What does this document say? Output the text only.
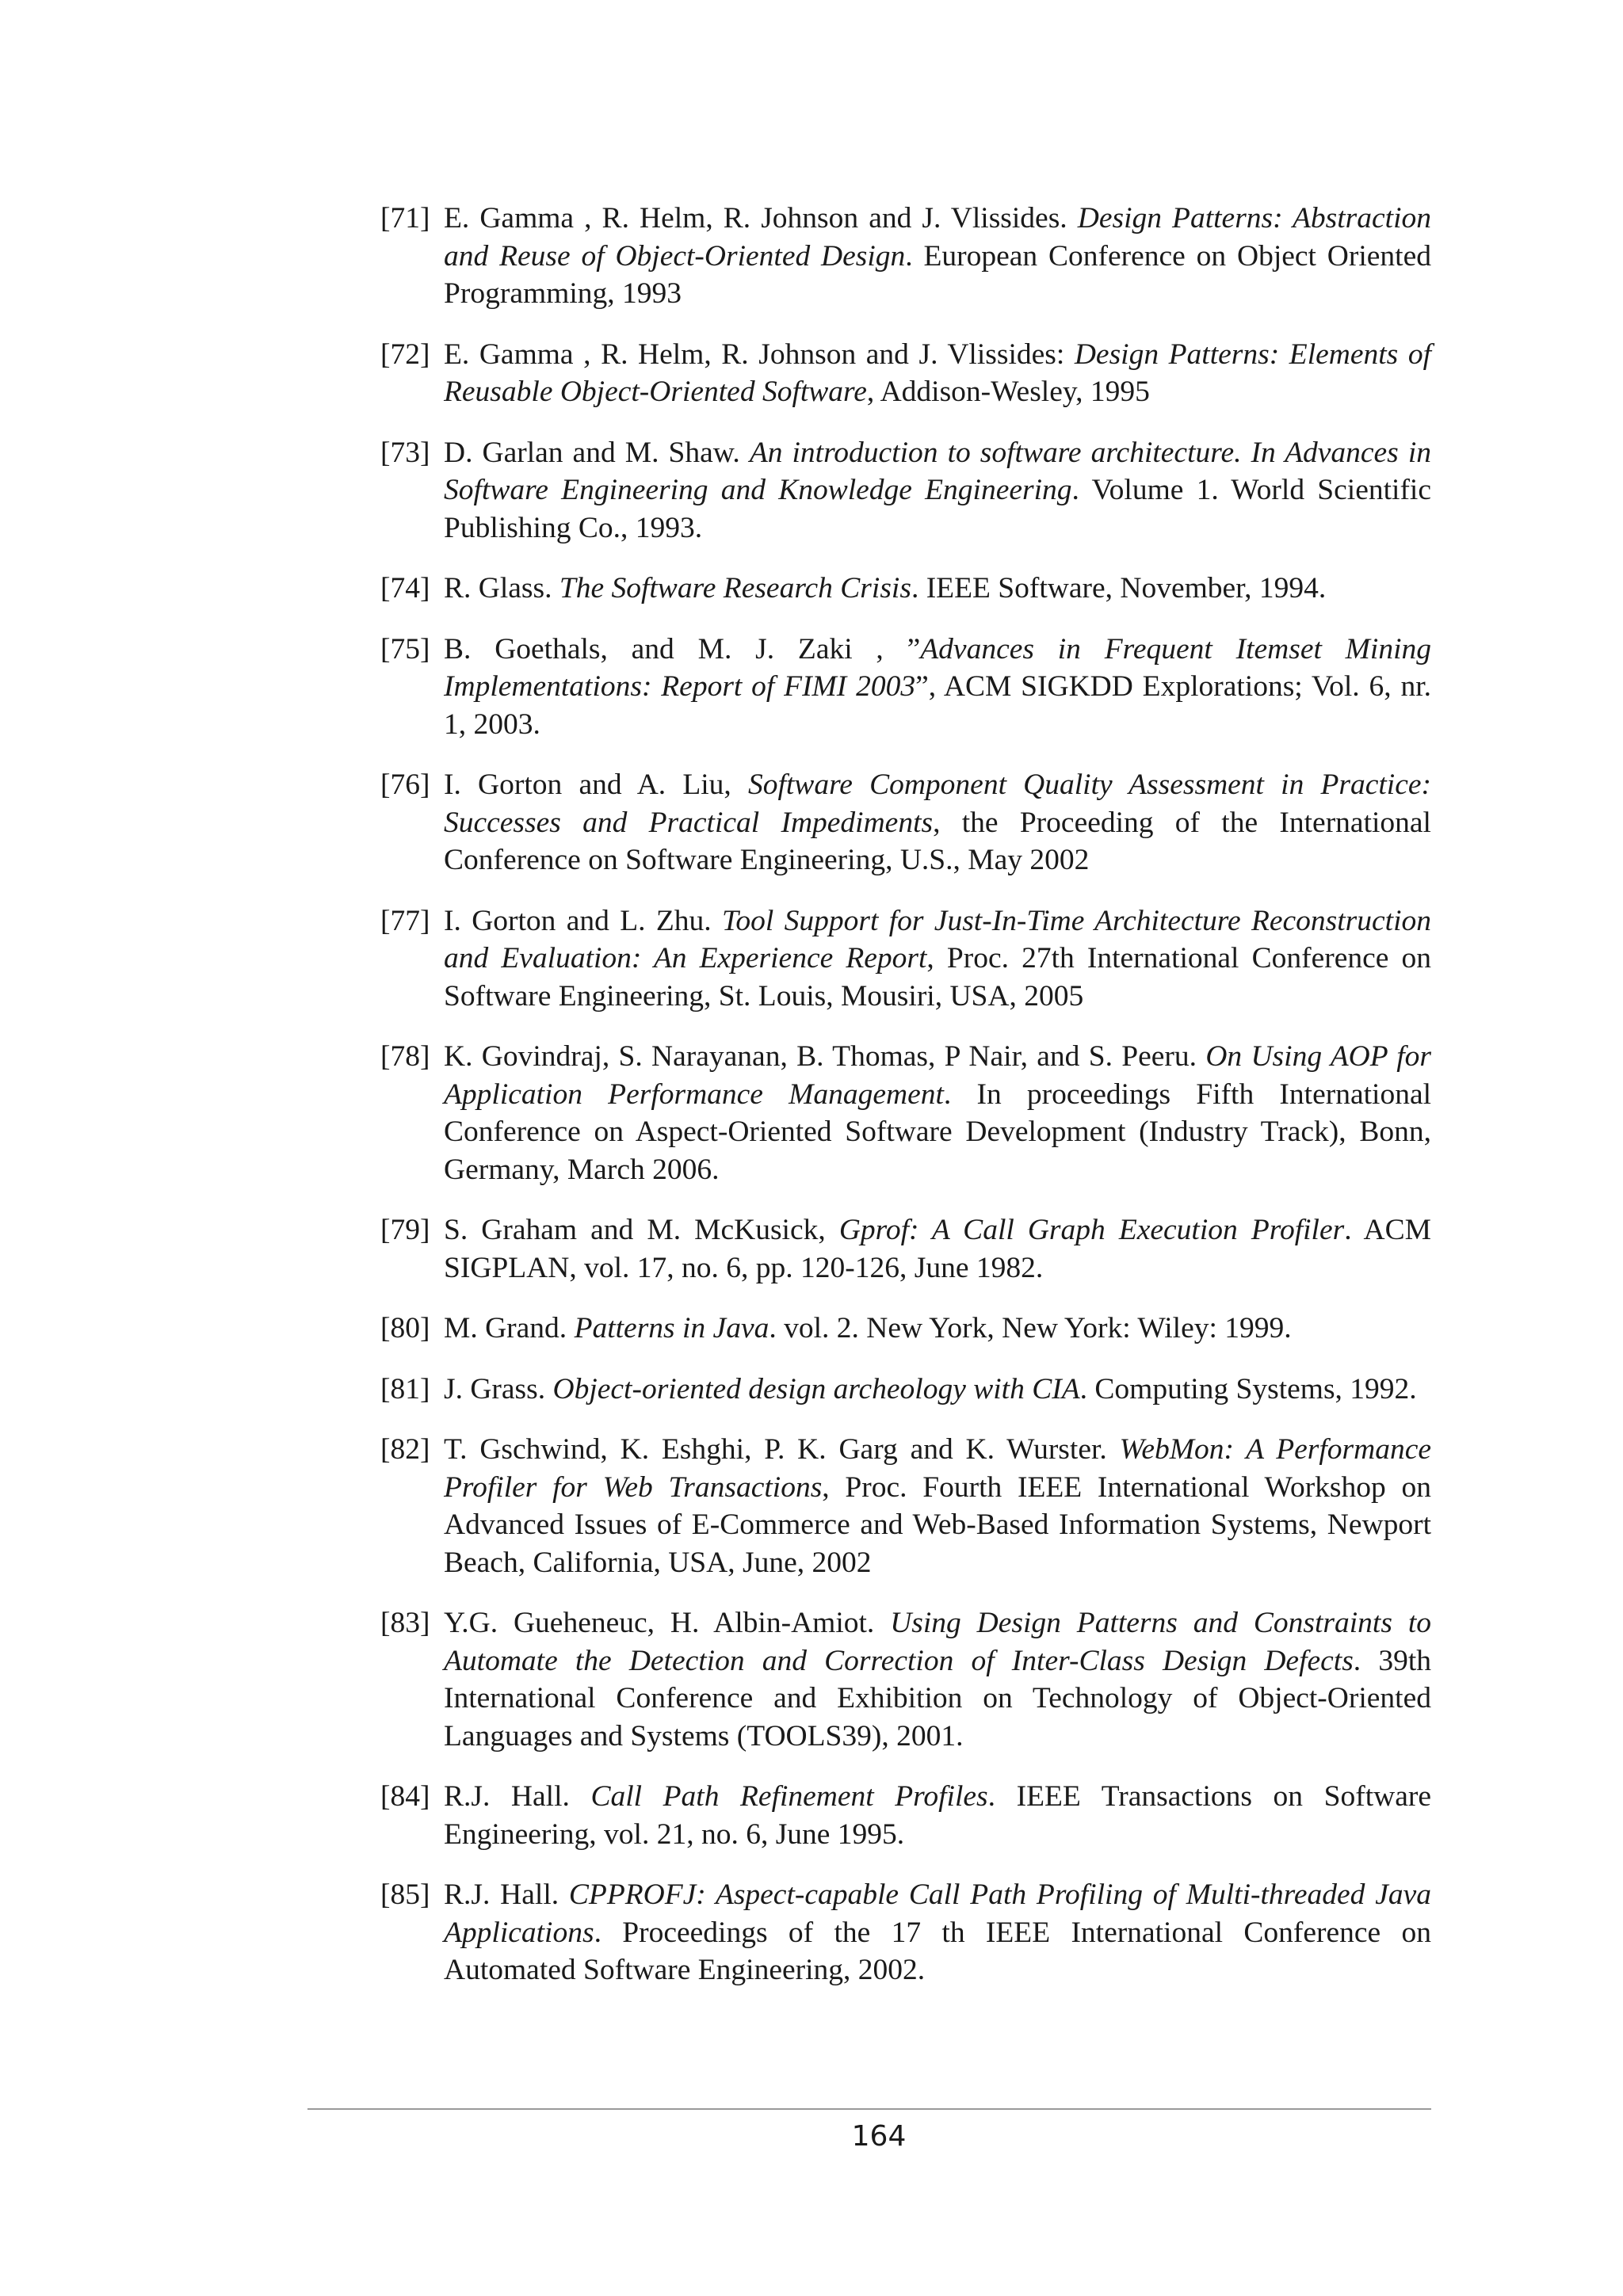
[71] E. Gamma , R. Helm, R. Johnson and J. Vlissides. Design Patterns: Abstraction and Reuse of Object-Oriented Design. European Conference on Object Oriented Programming, 1993
[72] E. Gamma , R. Helm, R. Johnson and J. Vlissides: Design Patterns: Elements of Reusable Object-Oriented Software, Addison-Wesley, 1995
[73] D. Garlan and M. Shaw. An introduction to software architecture. In Advances in Software Engineering and Knowledge Engineering. Volume 1. World Scientific Publishing Co., 1993.
[74] R. Glass. The Software Research Crisis. IEEE Software, November, 1994.
[75] B. Goethals, and M. J. Zaki , ”Advances in Frequent Itemset Mining Implementations: Report of FIMI 2003”, ACM SIGKDD Explorations; Vol. 6, nr. 1, 2003.
[76] I. Gorton and A. Liu, Software Component Quality Assessment in Practice: Successes and Practical Impediments, the Proceeding of the International Conference on Software Engineering, U.S., May 2002
[77] I. Gorton and L. Zhu. Tool Support for Just-In-Time Architecture Reconstruction and Evaluation: An Experience Report, Proc. 27th International Conference on Software Engineering, St. Louis, Mousiri, USA, 2005
[78] K. Govindraj, S. Narayanan, B. Thomas, P Nair, and S. Peeru. On Using AOP for Application Performance Management. In proceedings Fifth International Conference on Aspect-Oriented Software Development (Industry Track), Bonn, Germany, March 2006.
[79] S. Graham and M. McKusick, Gprof: A Call Graph Execution Profiler. ACM SIGPLAN, vol. 17, no. 6, pp. 120-126, June 1982.
[80] M. Grand. Patterns in Java. vol. 2. New York, New York: Wiley: 1999.
[81] J. Grass. Object-oriented design archeology with CIA. Computing Systems, 1992.
[82] T. Gschwind, K. Eshghi, P. K. Garg and K. Wurster. WebMon: A Performance Profiler for Web Transactions, Proc. Fourth IEEE International Workshop on Advanced Issues of E-Commerce and Web-Based Information Systems, Newport Beach, California, USA, June, 2002
[83] Y.G. Gueheneuc, H. Albin-Amiot. Using Design Patterns and Constraints to Automate the Detection and Correction of Inter-Class Design Defects. 39th International Conference and Exhibition on Technology of Object-Oriented Languages and Systems (TOOLS39), 2001.
[84] R.J. Hall. Call Path Refinement Profiles. IEEE Transactions on Software Engineering, vol. 21, no. 6, June 1995.
[85] R.J. Hall. CPPROFJ: Aspect-capable Call Path Profiling of Multi-threaded Java Applications. Proceedings of the 17 th IEEE International Conference on Automated Software Engineering, 2002.
164
